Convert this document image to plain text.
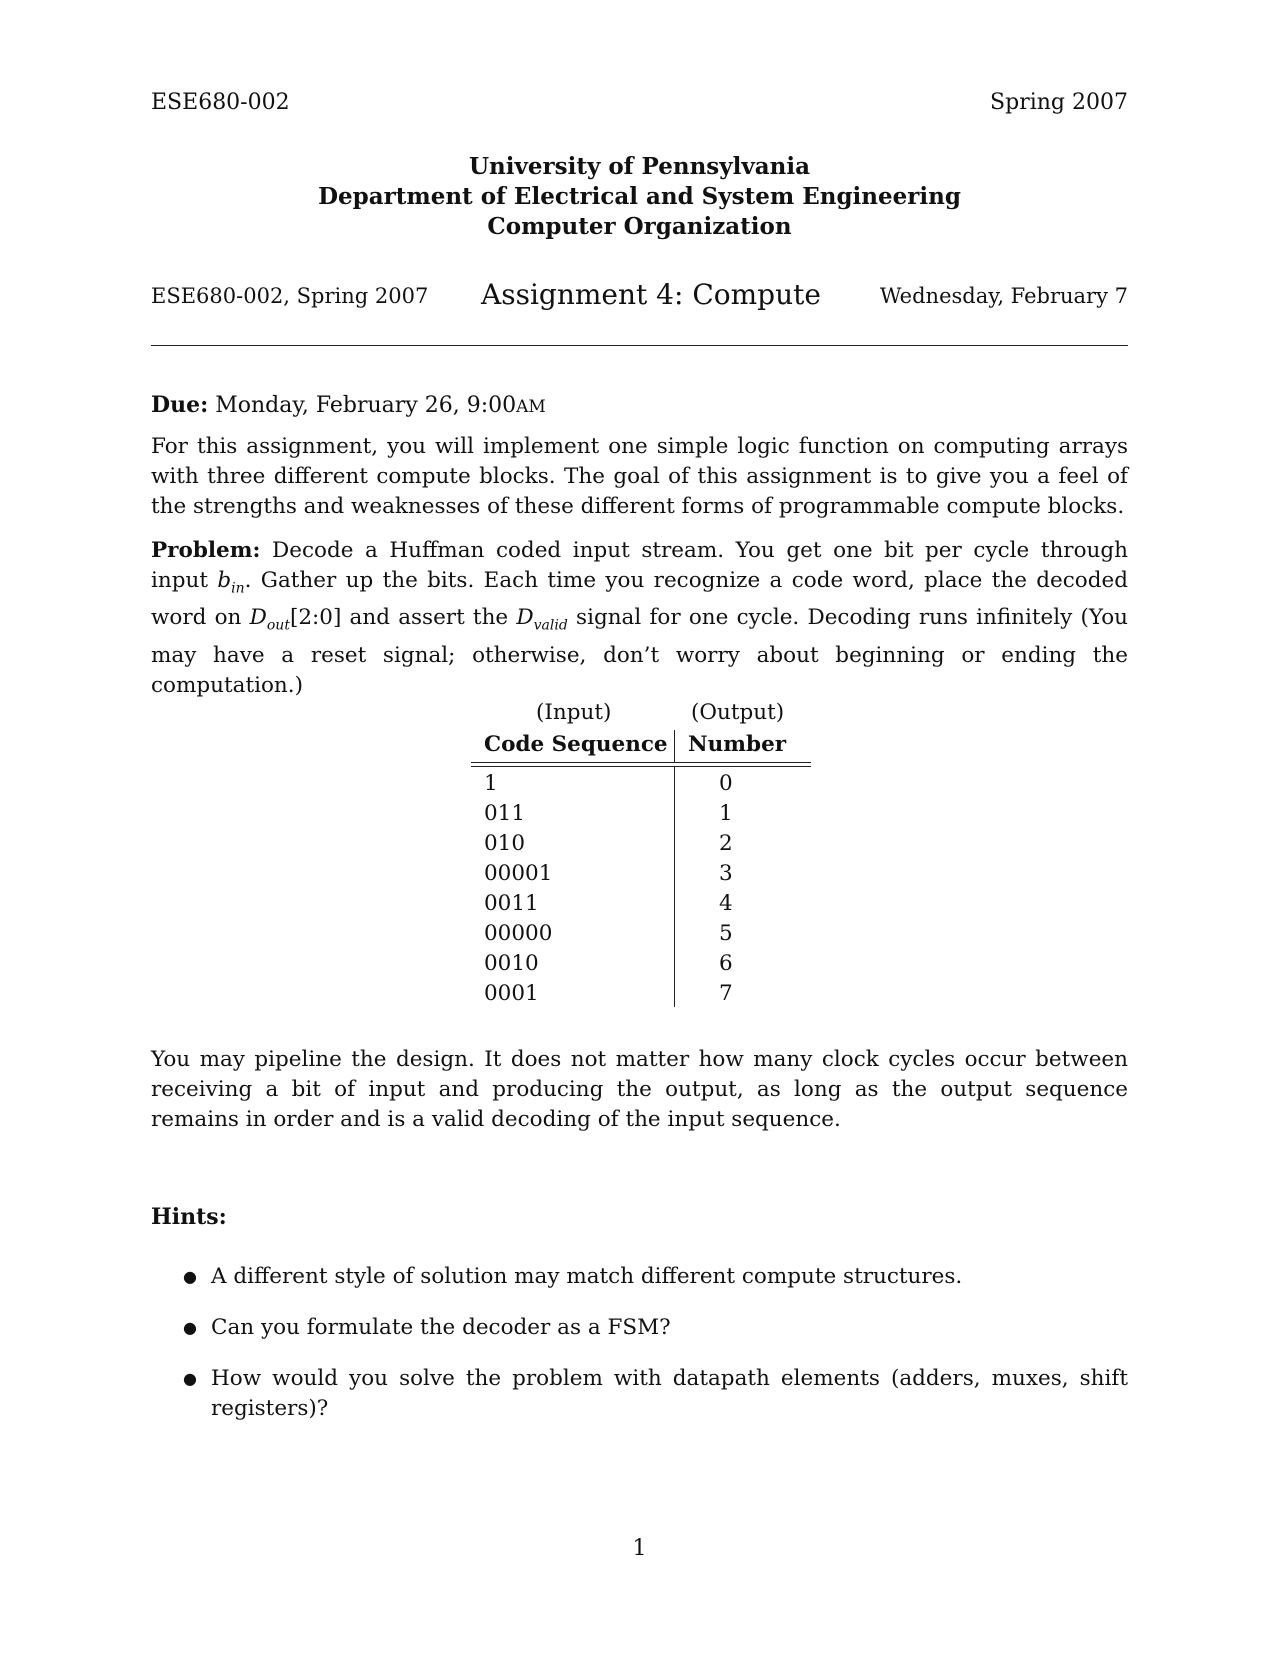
ESE680-002	Spring 2007
University of Pennsylvania
Department of Electrical and System Engineering
Computer Organization
ESE680-002, Spring 2007 Assignment 4: Compute	Wednesday, February 7
Due: Monday, February 26, 9:00AM
For this assignment, you will implement one simple logic function on computing arrays with three different compute blocks. The goal of this assignment is to give you a feel of the strengths and weaknesses of these different forms of programmable compute blocks.
Problem: Decode a Huffman coded input stream. You get one bit per cycle through input $b_{in}$. Gather up the bits. Each time you recognize a code word, place the decoded word on $D_{out}[2:0]$ and assert the $D_{valid}$ signal for one cycle. Decoding runs infinitely (You may have a reset signal; otherwise, don’t worry about beginning or ending the computation.)
(Input)	(Output)
Code Sequence Number
1	0
011	1
010	2
00001	3
0011	4
00000	5
0010	6
0001	7
You may pipeline the design. It does not matter how many clock cycles occur between receiving a bit of input and producing the output, as long as the output sequence remains in order and is a valid decoding of the input sequence.
Hints:
● A different style of solution may match different compute structures.
● Can you formulate the decoder as a FSM?
● How would you solve the problem with datapath elements (adders, muxes, shift registers)?
1
